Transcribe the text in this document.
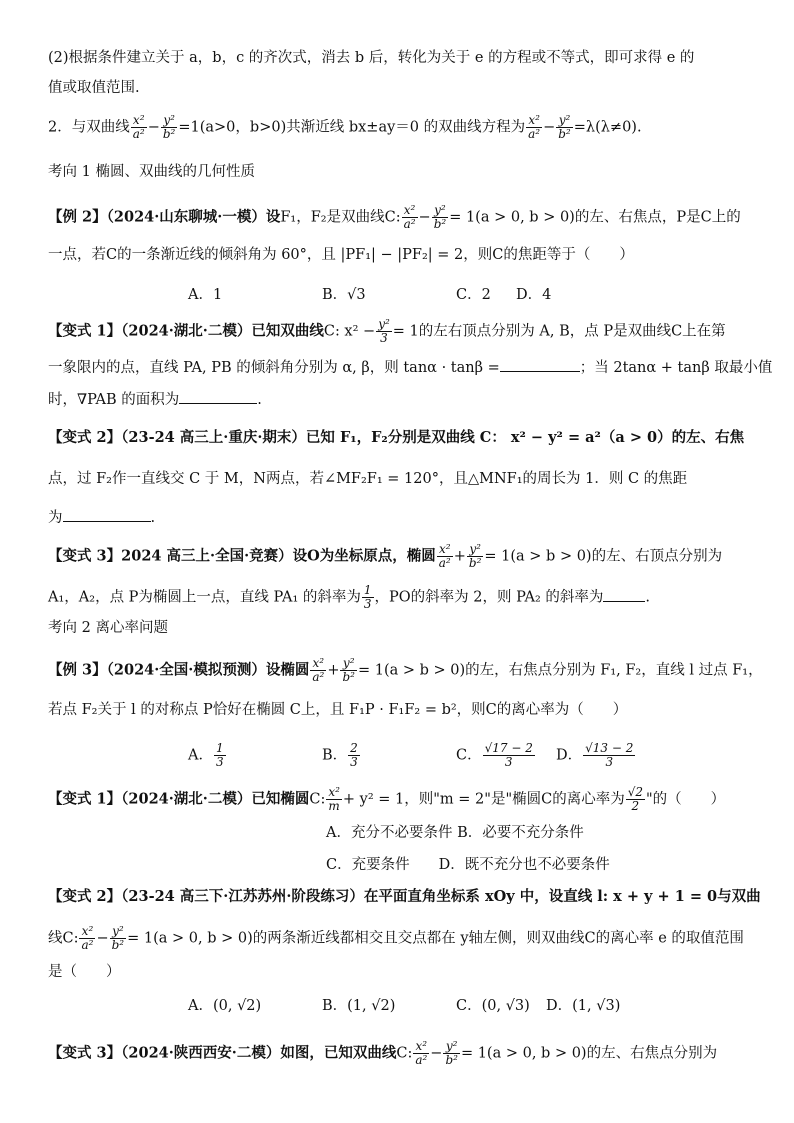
(2)根据条件建立关于 a，b，c 的齐次式，消去 b 后，转化为关于 e 的方程或不等式，即可求得 e 的
值或取值范围.
2．与双曲线 $\frac{\text{x²}}{\text{a²}} - \frac{\text{y²}}{\text{b²}} =1(a>0$，b>0)共渐近线 bx±ay＝0 的双曲线方程为 $\frac{\text{x²}}{\text{a²}} - \frac{\text{y²}}{\text{b²}} =\lambda(\lambda\ne 0)$.
考向 1 椭圆、双曲线的几何性质
【例 2】（2024·山东聊城·一模）设F₁，F₂是双曲线C: $\frac{\text{x²}}{\text{a²}} - \frac{\text{y²}}{\text{b²}} = 1(a > 0$, b > 0)的左、右焦点，P是C上的
一点，若C的一条渐近线的倾斜角为 60°，且 |PF₁| − |PF₂| = 2，则C的焦距等于（　　）
A．1	B．√3	C．2 D．4
【变式 1】（2024·湖北·二模）已知双曲线C: $x^2 - \frac{\text{y²}}{3} = 1$的左右顶点分别为 A, B，点 P是双曲线C上在第
一象限内的点，直线 PA, PB 的倾斜角分别为 α, β，则 tanα · tanβ =	；当 2tanα + tanβ 取最小值
时，∇PAB 的面积为	.
【变式 2】（23-24 高三上·重庆·期末）已知 F₁，F₂分别是双曲线 C： x² − y² = a²（a > 0）的左、右焦
点，过 F₂作一直线交 C 于 M，N两点，若∠MF₂F₁ = 120°，且△MNF₁的周长为 1．则 C 的焦距
为	.
【变式 3】2024 高三上·全国·竞赛）设O为坐标原点，椭圆 $\frac{\text{x²}}{\text{a²}} + \frac{\text{y²}}{\text{b²}} = 1(a > b > 0)$的左、右顶点分别为
A₁，A₂，点 P为椭圆上一点，直线 PA₁ 的斜率为 $\frac{1}{3}$ ，PO的斜率为 2，则 PA₂ 的斜率为	.
考向 2 离心率问题
【例 3】（2024·全国·模拟预测）设椭圆 $\frac{\text{x²}}{\text{a²}} + \frac{\text{y²}}{\text{b²}} = 1(a > b > 0)$的左，右焦点分别为 F₁, F₂，直线 l 过点 F₁，
若点 F₂关于 l 的对称点 P恰好在椭圆 C上，且 F₁P · F₁F₂ = b²，则C的离心率为（　　）
A． $\frac{1}{3}$	B． $\frac{2}{3}$	C． $\frac{√17 - 2}{3}$ D． $\frac{√13 - 2}{3}$
【变式 1】（2024·湖北·二模）已知椭圆C: $\frac{\text{x²}}{m} + y^2 = 1$，则"m = 2"是"椭圆C的离心率为 $\frac{√2}{2}$ "的（　　）
A．充分不必要条件 B．必要不充分条件
C．充要条件　　D．既不充分也不必要条件
【变式 2】（23-24 高三下·江苏苏州·阶段练习）在平面直角坐标系 xOy 中，设直线 l: x + y + 1 = 0与双曲
线C: $\frac{\text{x²}}{\text{a²}} - \frac{\text{y²}}{\text{b²}} = 1(a > 0$, b > 0)的两条渐近线都相交且交点都在 y轴左侧，则双曲线C的离心率 e 的取值范围
是（　　）
A．(0, √2)	B．(1, √2)	C．(0, √3) D．(1, √3)
【变式 3】（2024·陕西西安·二模）如图，已知双曲线C: $\frac{\text{x²}}{\text{a²}} - \frac{\text{y²}}{\text{b²}} = 1(a > 0$, b > 0)的左、右焦点分别为
